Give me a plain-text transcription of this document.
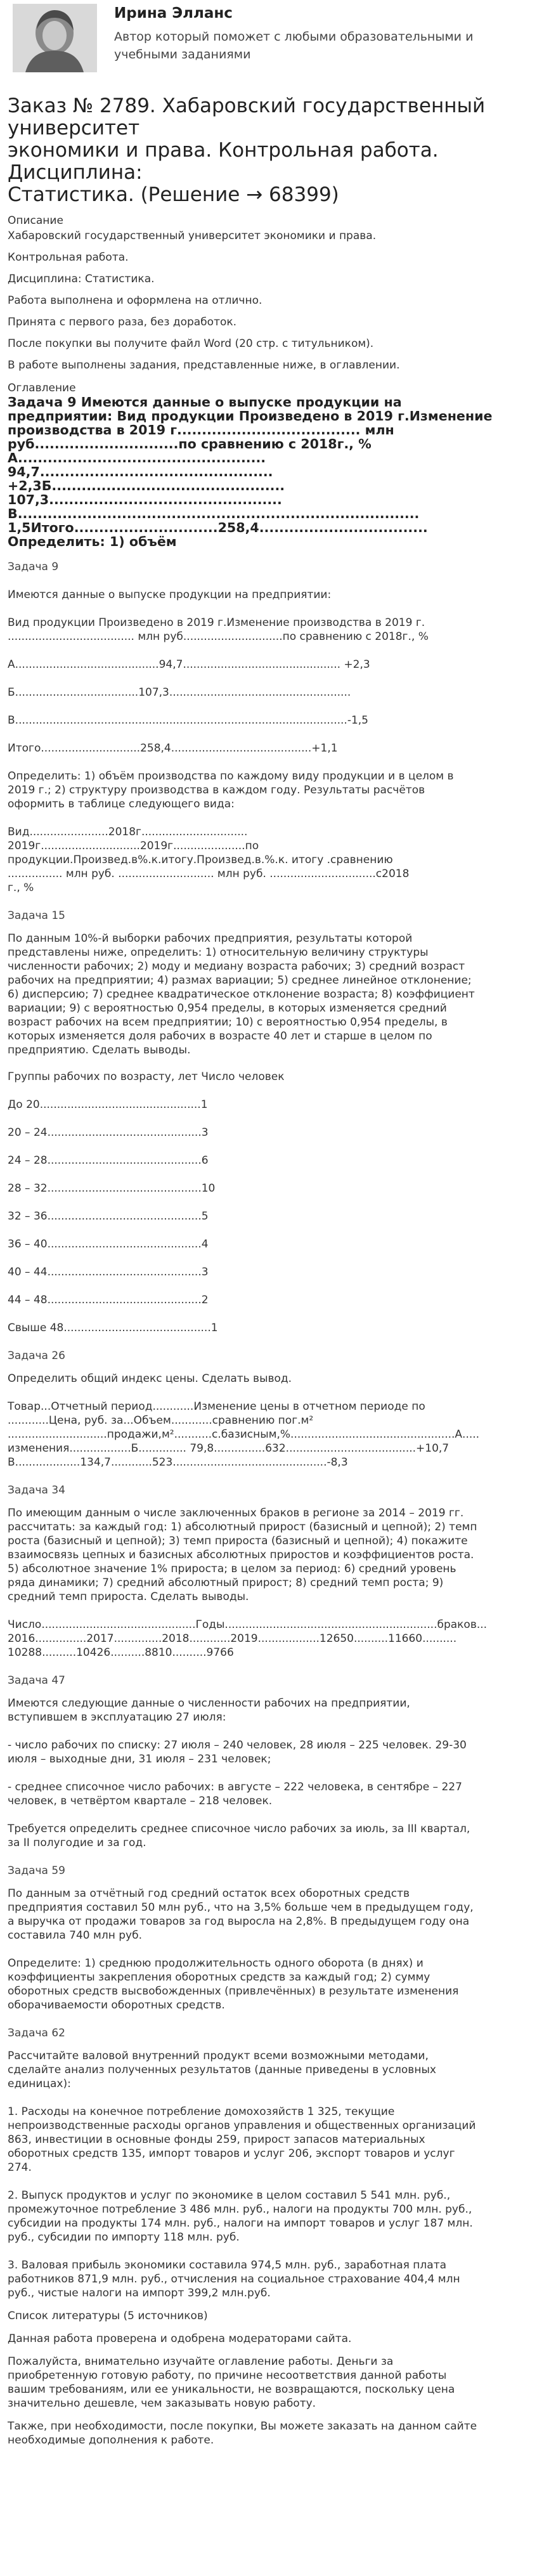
Ирина Элланс
Автор который поможет с любыми образовательными и
учебными заданиями
Заказ № 2789. Хабаровский государственный университет
экономики и права. Контрольная работа. Дисциплина:
Статистика. (Решение → 68399)
Описание

Хабаровский государственный университет экономики и права.

Контрольная работа.

Дисциплина: Статистика.

Работа выполнена и оформлена на отлично.

Принята с первого раза, без доработок.

После покупки вы получите файл Word (20 стр. с титульником).

В работе выполнены задания, представленные ниже, в оглавлении.

Оглавление
Задача 9 Имеются данные о выпуске продукции на
предприятии: Вид продукции Произведено в 2019 г.Изменение
производства в 2019 г..................................... млн
руб.............................по сравнению с 2018г., %
А..................................................
94,7...............................................
+2,3Б...............................................
107,3...............................................
В.................................................................................
1,5Итого.............................258,4..................................
Определить: 1) объём
Задача 9

Имеются данные о выпуске продукции на предприятии:

Вид продукции Произведено в 2019 г.Изменение производства в 2019 г.
..................................... млн руб.............................по сравнению с 2018г., %

А..........................................94,7.............................................. +2,3
Б....................................107,3.....................................................
В.................................................................................................-1,5
Итого.............................258,4.........................................+1,1

Определить: 1) объём производства по каждому виду продукции и в целом в
2019 г.; 2) структуру производства в каждом году. Результаты расчётов
оформить в таблице следующего вида:

Вид.......................2018г...............................
2019г.............................2019г.....................по
продукции.Произвед.в%.к.итогу.Произвед.в.%.к. итогу .сравнению
................ млн руб. ............................ млн руб. ...............................с2018
г., %

Задача 15

По данным 10%-й выборки рабочих предприятия, результаты которой
представлены ниже, определить: 1) относительную величину структуры
численности рабочих; 2) моду и медиану возраста рабочих; 3) средний возраст
рабочих на предприятии; 4) размах вариации; 5) среднее линейное отклонение;
6) дисперсию; 7) среднее квадратическое отклонение возраста; 8) коэффициент
вариации; 9) с вероятностью 0,954 пределы, в которых изменяется средний
возраст рабочих на всем предприятии; 10) с вероятностью 0,954 пределы, в
которых изменяется доля рабочих в возрасте 40 лет и старше в целом по
предприятию. Сделать выводы.

Группы рабочих по возрасту, лет Число человек
До 20...............................................1
20 – 24.............................................3
24 – 28.............................................6
28 – 32.............................................10
32 – 36.............................................5
36 – 40.............................................4
40 – 44.............................................3
44 – 48.............................................2
Свыше 48...........................................1
Задача 26

Определить общий индекс цены. Сделать вывод.

Товар...Отчетный период............Изменение цены в отчетном периоде по
............Цена, руб. за...Объем............сравнению пог.м²
.............................продажи,м²...........с.базисным,%................................................А.....
изменения..................Б.............. 79,8...............632......................................+10,7
В...................134,7............523.............................................-8,3

Задача 34

По имеющим данным о числе заключенных браков в регионе за 2014 – 2019 гг.
рассчитать: за каждый год: 1) абсолютный прирост (базисный и цепной); 2) темп
роста (базисный и цепной); 3) темп прироста (базисный и цепной); 4) покажите
взаимосвязь цепных и базисных абсолютных приростов и коэффициентов роста.
5) абсолютное значение 1% прироста; в целом за период: 6) средний уровень
ряда динамики; 7) средний абсолютный прирост; 8) средний темп роста; 9)
средний темп прироста. Сделать выводы.

Число.............................................Годы..............................................................браков...
2016...............2017..............2018............2019..................12650..........11660..........
10288..........10426..........8810..........9766

Задача 47

Имеются следующие данные о численности рабочих на предприятии,
вступившем в эксплуатацию 27 июля:

- число рабочих по списку: 27 июля – 240 человек, 28 июля – 225 человек. 29-30
июля – выходные дни, 31 июля – 231 человек;

- среднее списочное число рабочих: в августе – 222 человека, в сентябре – 227
человек, в четвёртом квартале – 218 человек.

Требуется определить среднее списочное число рабочих за июль, за III квартал,
за II полугодие и за год.

Задача 59

По данным за отчётный год средний остаток всех оборотных средств
предприятия составил 50 млн руб., что на 3,5% больше чем в предыдущем году,
а выручка от продажи товаров за год выросла на 2,8%. В предыдущем году она
составила 740 млн руб.

Определите: 1) среднюю продолжительность одного оборота (в днях) и
коэффициенты закрепления оборотных средств за каждый год; 2) сумму
оборотных средств высвобожденных (привлечённых) в результате изменения
оборачиваемости оборотных средств.

Задача 62

Рассчитайте валовой внутренний продукт всеми возможными методами,
сделайте анализ полученных результатов (данные приведены в условных
единицах):

1. Расходы на конечное потребление домохозяйств 1 325, текущие
непроизводственные расходы органов управления и общественных организаций
863, инвестиции в основные фонды 259, прирост запасов материальных
оборотных средств 135, импорт товаров и услуг 206, экспорт товаров и услуг
274.

2. Выпуск продуктов и услуг по экономике в целом составил 5 541 млн. руб.,
промежуточное потребление 3 486 млн. руб., налоги на продукты 700 млн. руб.,
субсидии на продукты 174 млн. руб., налоги на импорт товаров и услуг 187 млн.
руб., субсидии по импорту 118 млн. руб.

3. Валовая прибыль экономики составила 974,5 млн. руб., заработная плата
работников 871,9 млн. руб., отчисления на социальное страхование 404,4 млн
руб., чистые налоги на импорт 399,2 млн.руб.

Список литературы (5 источников)

Данная работа проверена и одобрена модераторами сайта.

Пожалуйста, внимательно изучайте оглавление работы. Деньги за
приобретенную готовую работу, по причине несоответствия данной работы
вашим требованиям, или ее уникальности, не возвращаются, поскольку цена
значительно дешевле, чем заказывать новую работу.

Также, при необходимости, после покупки, Вы можете заказать на данном сайте
необходимые дополнения к работе.
